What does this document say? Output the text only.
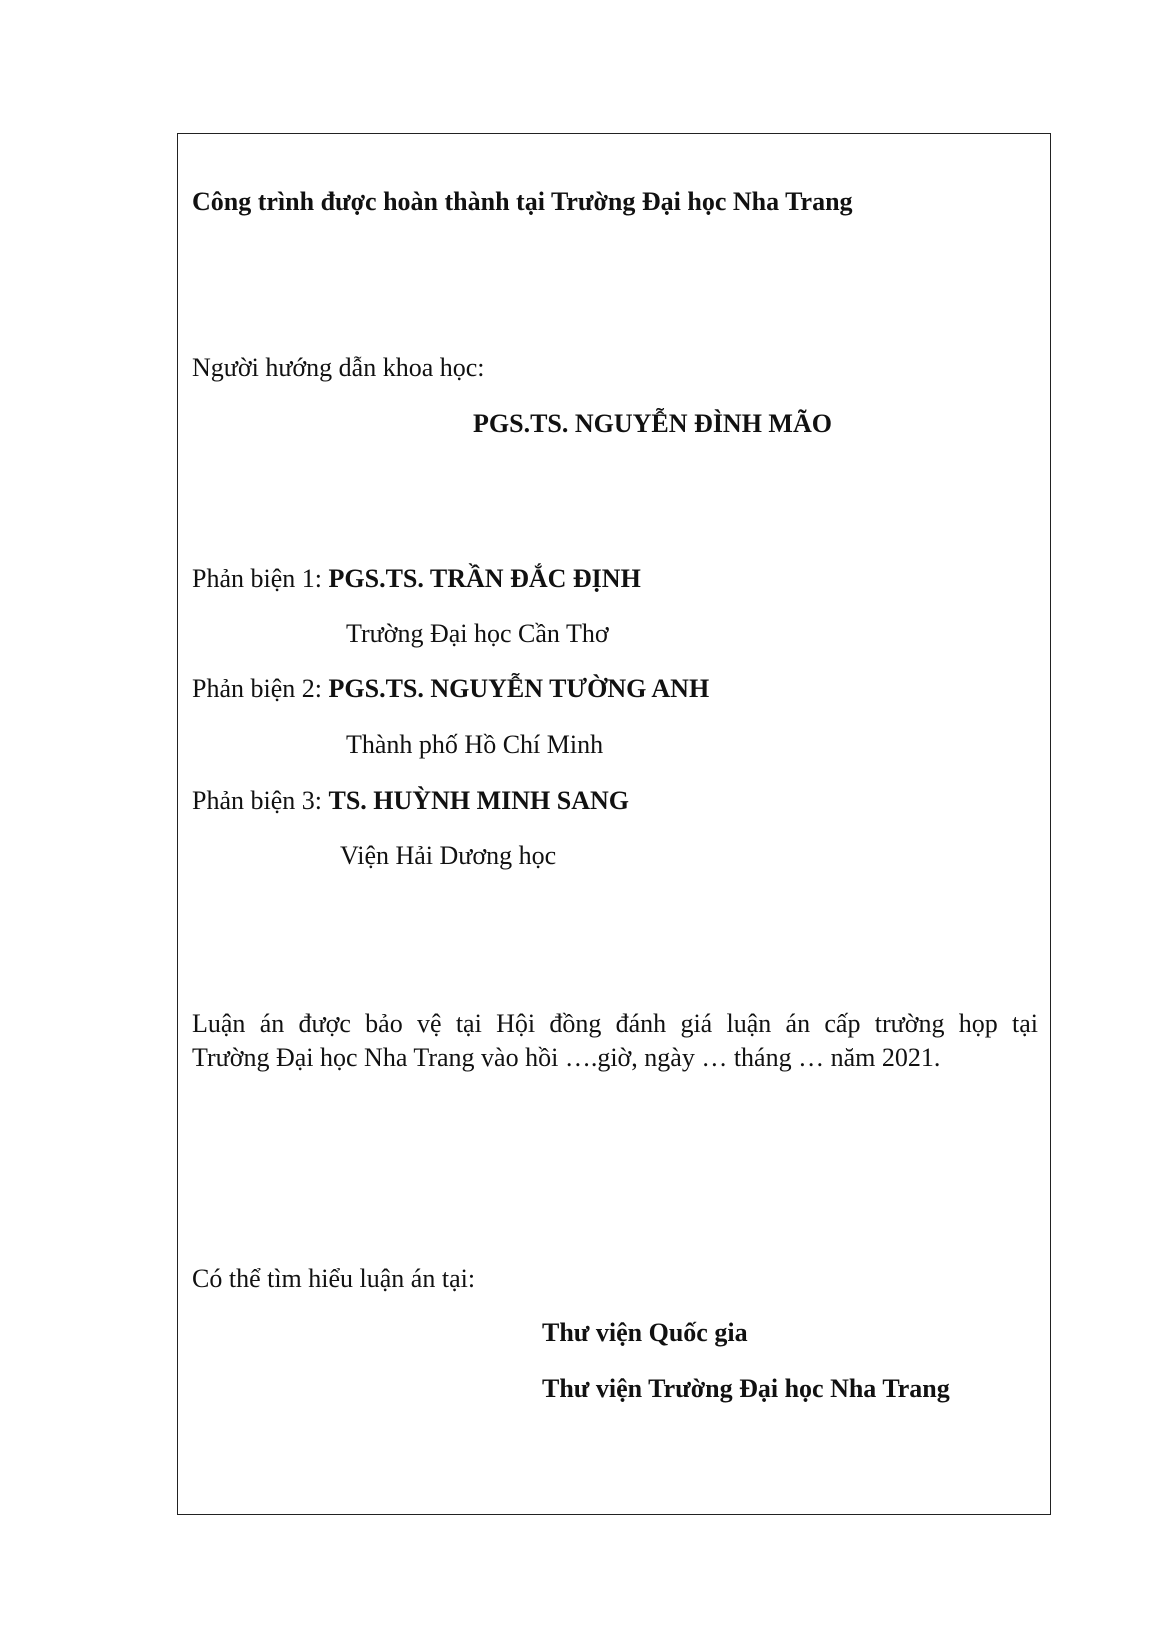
Công trình được hoàn thành tại Trường Đại học Nha Trang
Người hướng dẫn khoa học:
PGS.TS. NGUYỄN ĐÌNH MÃO
Phản biện 1: PGS.TS. TRẦN ĐẮC ĐỊNH
Trường Đại học Cần Thơ
Phản biện 2: PGS.TS. NGUYỄN TƯỜNG ANH
Thành phố Hồ Chí Minh
Phản biện 3: TS. HUỲNH MINH SANG
Viện Hải Dương học
Luận án được bảo vệ tại Hội đồng đánh giá luận án cấp trường họp tại
Trường Đại học Nha Trang vào hồi ….giờ, ngày … tháng … năm 2021.
Có thể tìm hiểu luận án tại:
Thư viện Quốc gia
Thư viện Trường Đại học Nha Trang
